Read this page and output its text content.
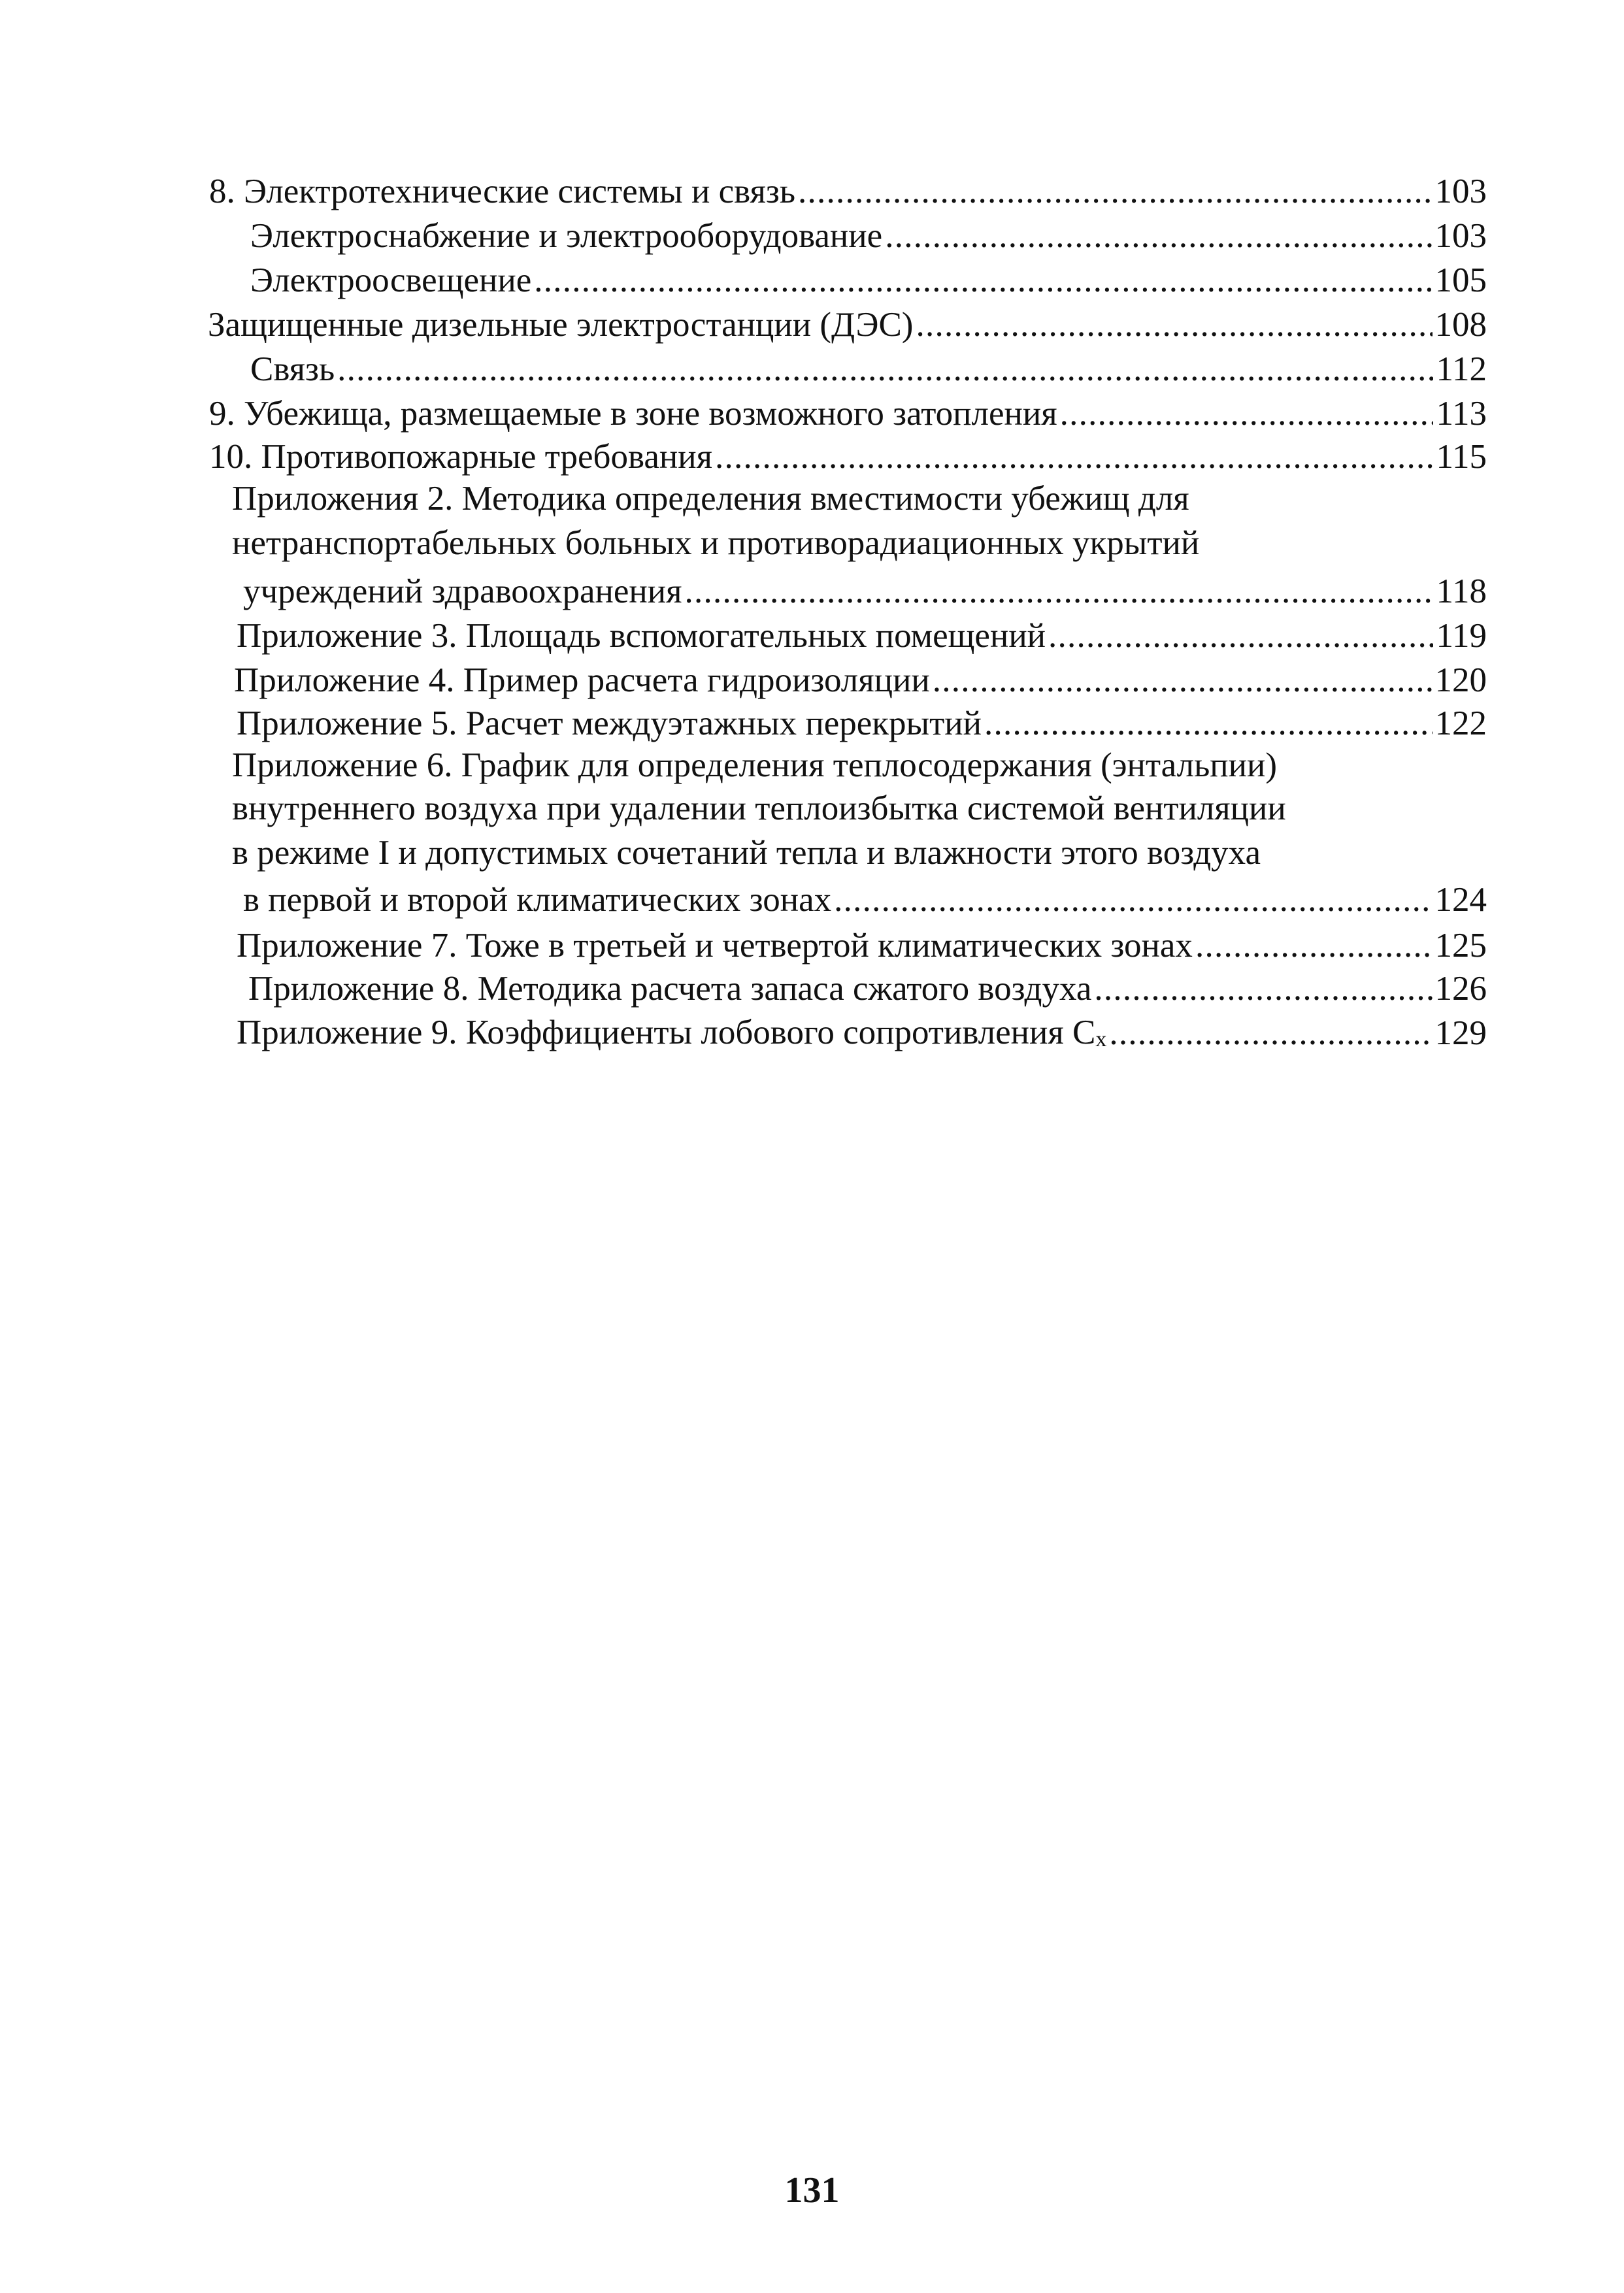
8. Электротехнические системы и связь . . .	103
Электроснабжение и электрооборудование . . .	103
Электроосвещение . . .	105
Защищенные дизельные электростанции (ДЭС) . . .	108
Связь . . .	112
9. Убежища, размещаемые в зоне возможного затопления . . .	113
10. Противопожарные требования . . .	115
Приложения 2. Методика определения вместимости убежищ для
нетранспортабельных больных и противорадиационных укрытий
учреждений здравоохранения . . .	118
Приложение 3. Площадь вспомогательных помещений . . .	119
Приложение 4. Пример расчета гидроизоляции . . .	120
Приложение 5. Расчет междуэтажных перекрытий . . .	122
Приложение 6. График для определения теплосодержания (энтальпии)
внутреннего воздуха при удалении теплоизбытка системой вентиляции
в режиме I и допустимых сочетаний тепла и влажности этого воздуха
в первой и второй климатических зонах . . .	124
Приложение 7. Тоже в третьей и четвертой климатических зонах . . .	125
Приложение 8. Методика расчета запаса сжатого воздуха . . .	126
Приложение 9. Коэффициенты лобового сопротивления $C_x$ . . .	129
131
